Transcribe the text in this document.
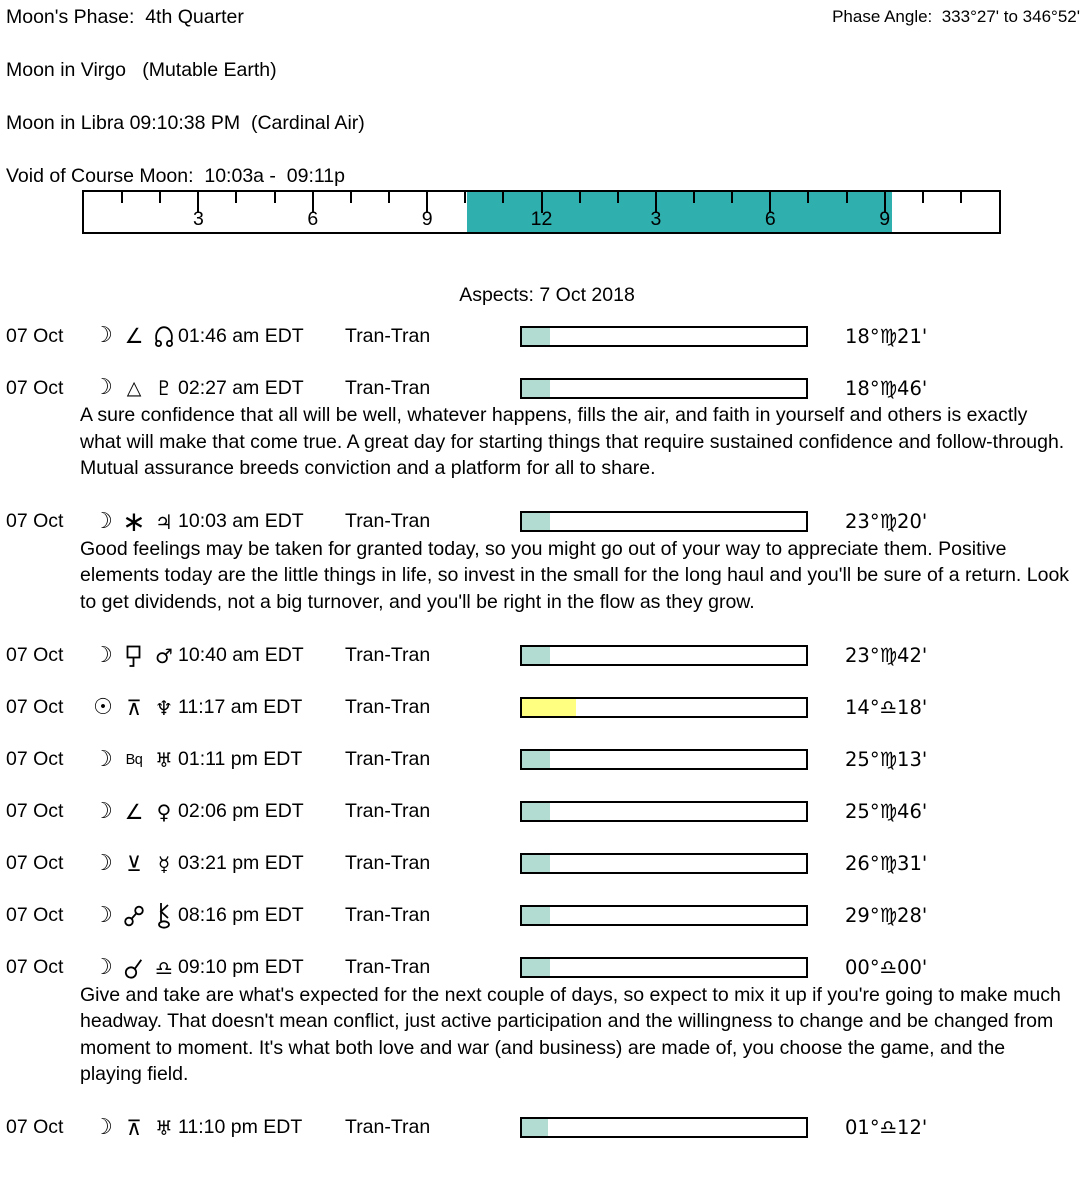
Moon's Phase:  4th Quarter	Phase Angle:  333°27' to 346°52'
Moon in Virgo   (Mutable Earth)
Moon in Libra 09:10:38 PM  (Cardinal Air)
Void of Course Moon:  10:03a -  09:11p
3	6	9	12	3	6	9
Aspects: 7 Oct 2018
07 Oct	☽ ∠	01:46 am EDT	Tran-Tran	18°♍21'
07 Oct	☽ △ ♇ 02:27 am EDT	Tran-Tran	18°♍46'
A sure confidence that all will be well, whatever happens, fills the air, and faith in yourself and others is exactly what will make that come true. A great day for starting things that require sustained confidence and follow-through. Mutual assurance breeds conviction and a platform for all to share.
07 Oct	☽ ∗ ♃ 10:03 am EDT	Tran-Tran	23°♍20'
Good feelings may be taken for granted today, so you might go out of your way to appreciate them. Positive elements today are the little things in life, so invest in the small for the long haul and you'll be sure of a return. Look to get dividends, not a big turnover, and you'll be right in the flow as they grow.
07 Oct	☽ ♂ 10:40 am EDT	Tran-Tran	23°♍42'
07 Oct	☉ ⊼ ♆ 11:17 am EDT	Tran-Tran	14°♎18'
07 Oct	☽ Bq ♅ 01:11 pm EDT	Tran-Tran	25°♍13'
07 Oct	☽ ∠ ♀ 02:06 pm EDT	Tran-Tran	25°♍46'
07 Oct	☽ ⊻ ☿ 03:21 pm EDT	Tran-Tran	26°♍31'
07 Oct	☽	08:16 pm EDT	Tran-Tran	29°♍28'
07 Oct	☽ ♎ 09:10 pm EDT	Tran-Tran	00°♎00'
Give and take are what's expected for the next couple of days, so expect to mix it up if you're going to make much headway. That doesn't mean conflict, just active participation and the willingness to change and be changed from moment to moment. It's what both love and war (and business) are made of, you choose the game, and the playing field.
07 Oct	☽ ⊼ ♅ 11:10 pm EDT	Tran-Tran	01°♎12'
